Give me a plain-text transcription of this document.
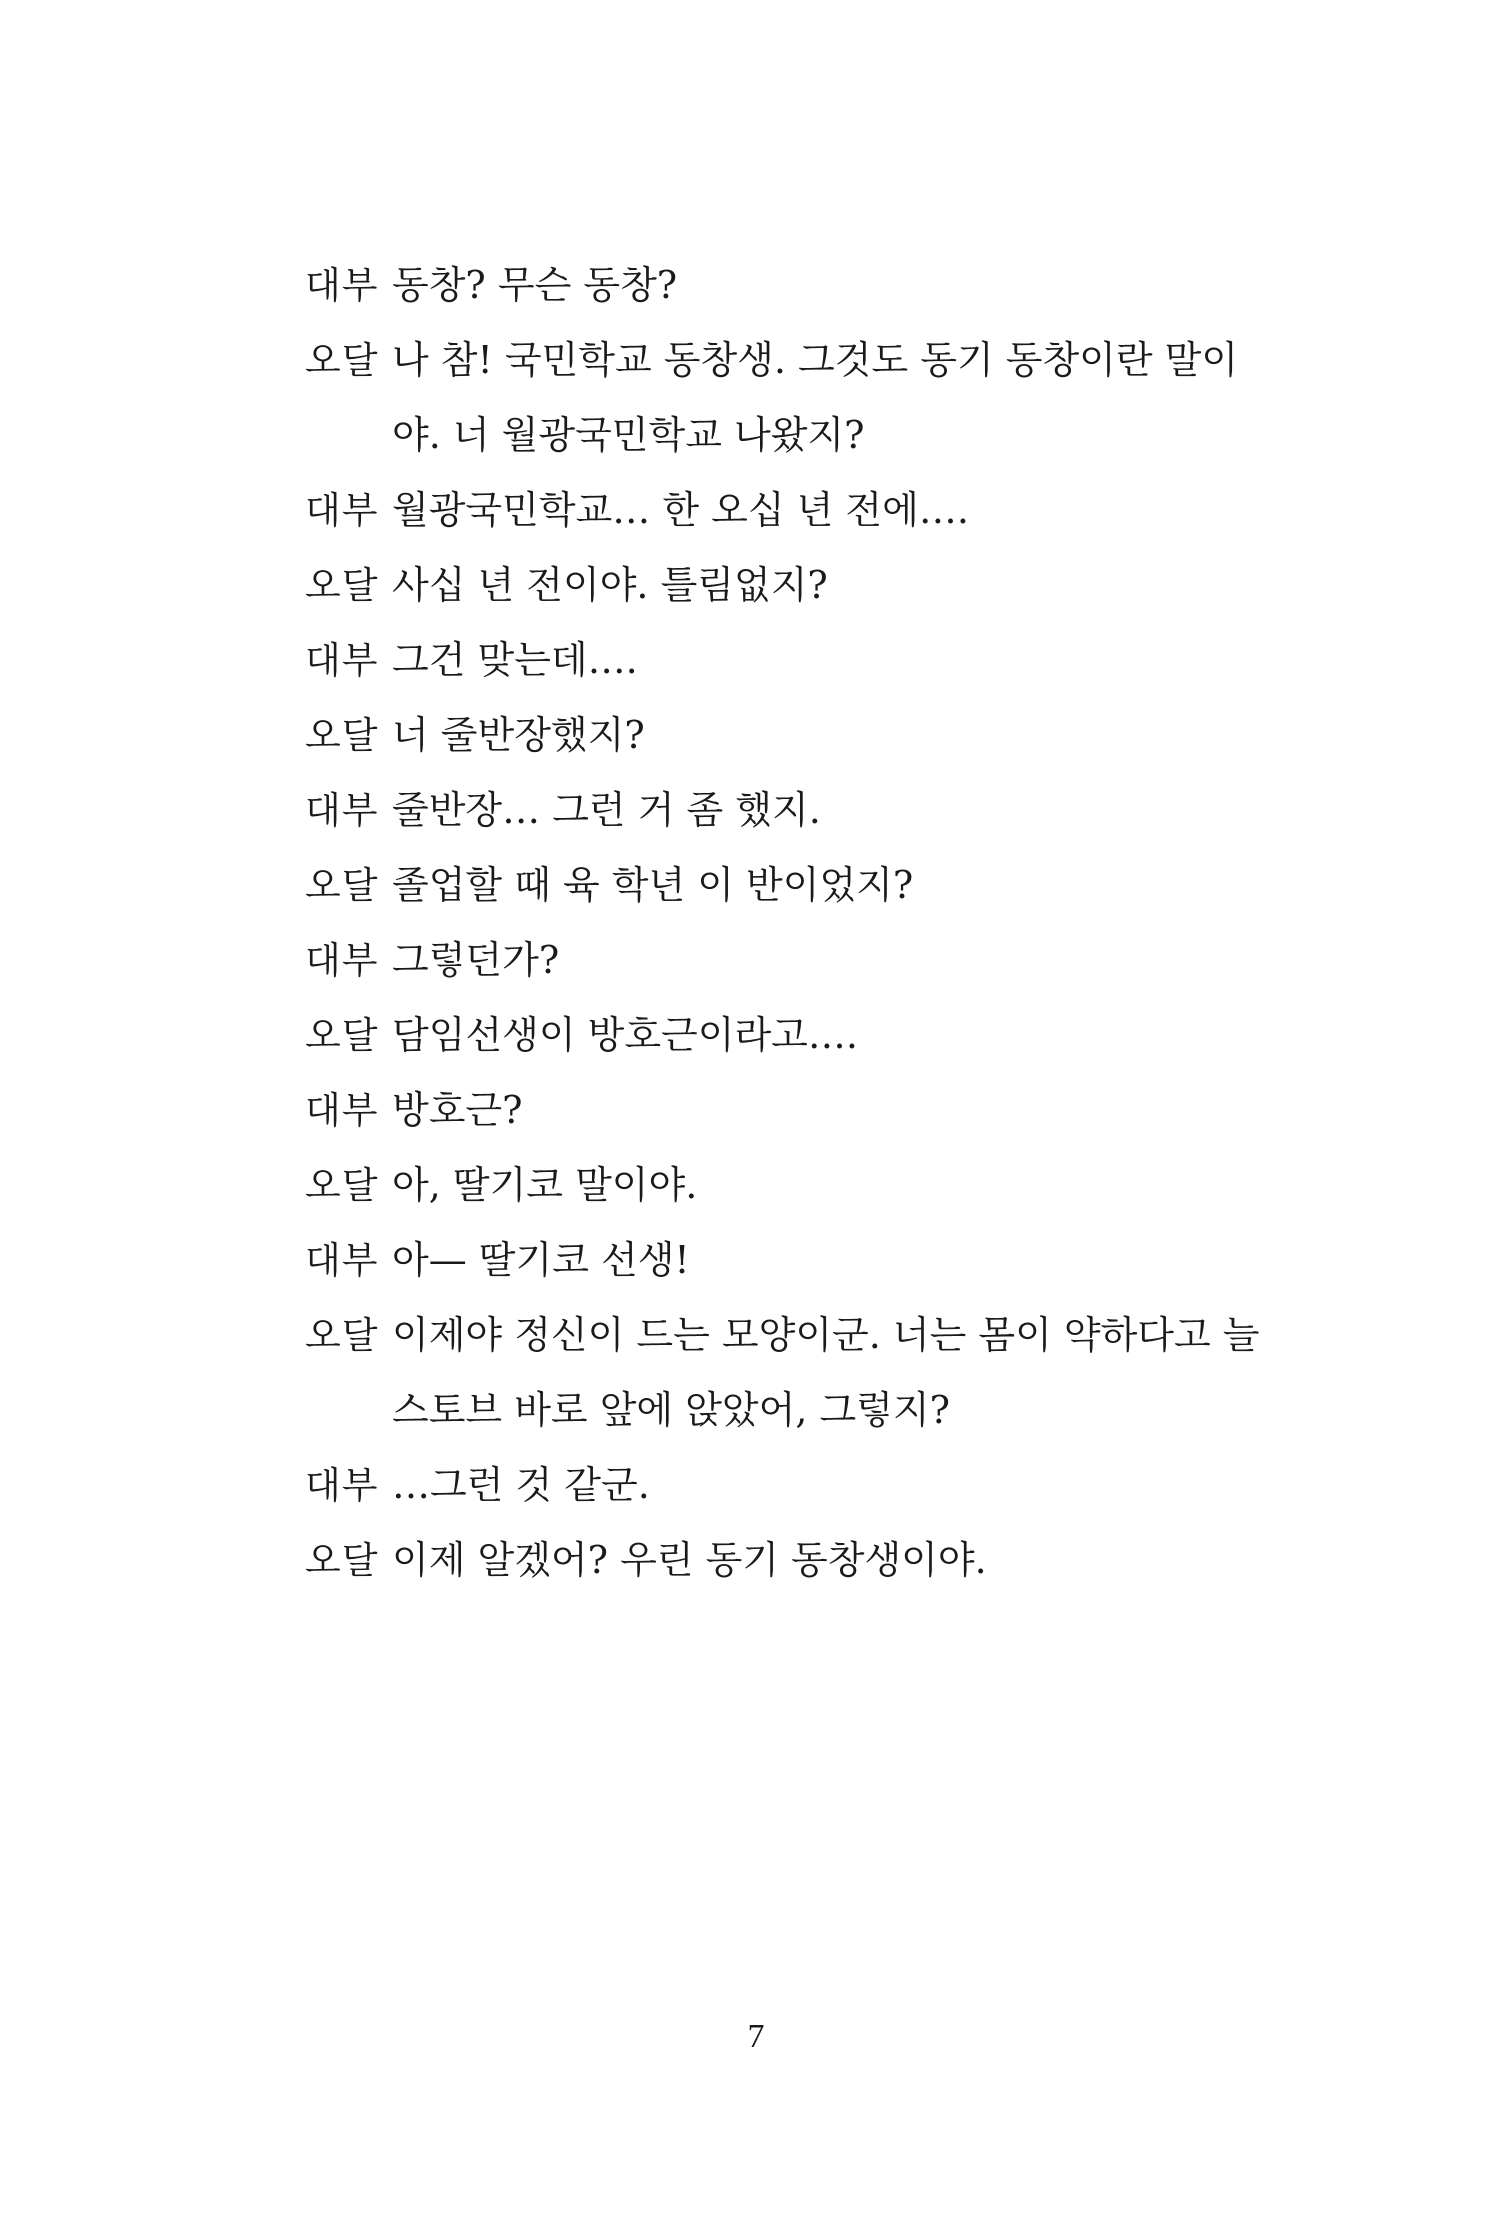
대부 동창? 무슨 동창?
오달 나 참! 국민학교 동창생. 그것도 동기 동창이란 말이
야. 너 월광국민학교 나왔지?
대부 월광국민학교… 한 오십 년 전에….
오달 사십 년 전이야. 틀림없지?
대부 그건 맞는데….
오달 너 줄반장했지?
대부 줄반장… 그런 거 좀 했지.
오달 졸업할 때 육 학년 이 반이었지?
대부 그렇던가?
오달 담임선생이 방호근이라고….
대부 방호근?
오달 아, 딸기코 말이야.
대부 아— 딸기코 선생!
오달 이제야 정신이 드는 모양이군. 너는 몸이 약하다고 늘
스토브 바로 앞에 앉았어, 그렇지?
대부 …그런 것 같군.
오달 이제 알겠어? 우린 동기 동창생이야.
7
